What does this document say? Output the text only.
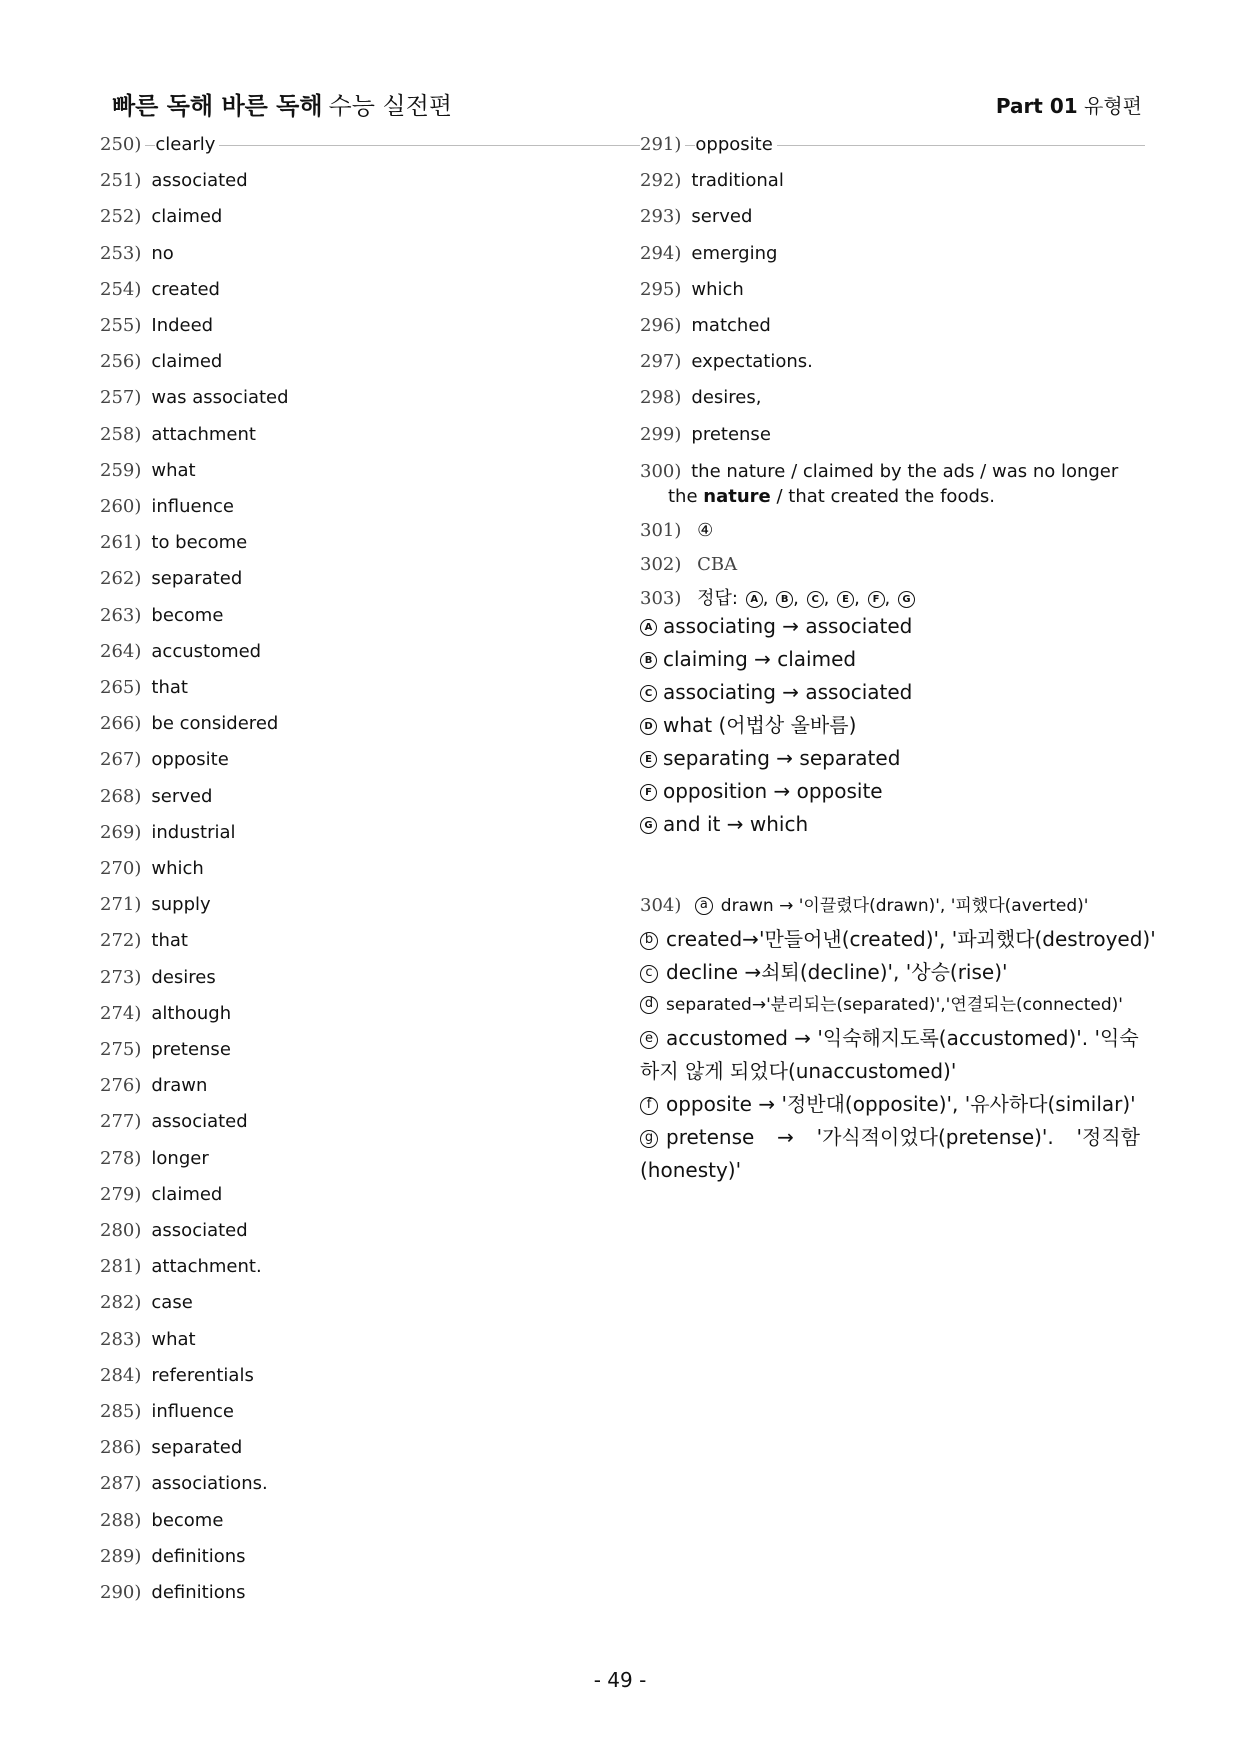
빠른 독해 바른 독해 수능 실전편	Part 01 유형편
250) clearly
251) associated
252) claimed
253) no
254) created
255) Indeed
256) claimed
257) was associated
258) attachment
259) what
260) influence
261) to become
262) separated
263) become
264) accustomed
265) that
266) be considered
267) opposite
268) served
269) industrial
270) which
271) supply
272) that
273) desires
274) although
275) pretense
276) drawn
277) associated
278) longer
279) claimed
280) associated
281) attachment.
282) case
283) what
284) referentials
285) influence
286) separated
287) associations.
288) become
289) definitions
290) definitions
300) the nature / claimed by the ads / was no longer
the nature / that created the foods.
301) ④
302) CBA
303) 정답: A , B , C , E , F , G
A associating → associated
B claiming → claimed
C associating → associated
D what (어법상 올바름)
E separating → separated
F opposition → opposite
G and it → which
304) a drawn → '이끌렸다(drawn)', '피했다(averted)'
b created→'만들어낸(created)', '파괴했다(destroyed)'
c decline →쇠퇴(decline)', '상승(rise)'
d separated→'분리되는(separated)','연결되는(connected)'
e accustomed → '익숙해지도록(accustomed)'. '익숙 하지 않게 되었다(unaccustomed)'
f opposite → '정반대(opposite)', '유사하다(similar)'
g pretense → '가식적이었다(pretense)'. '정직함 (honesty)'
291) opposite
292) traditional
293) served
294) emerging
295) which
296) matched
297) expectations.
298) desires,
299) pretense
- 49 -
